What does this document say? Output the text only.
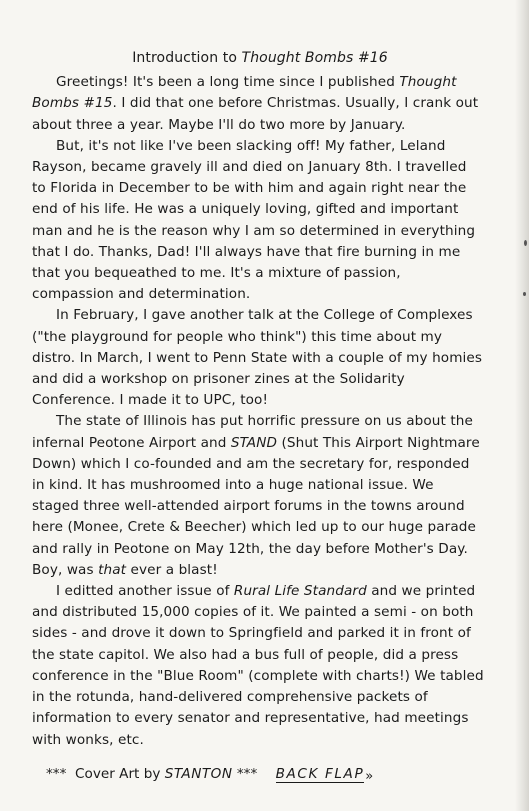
Introduction to Thought Bombs #16

Greetings! It's been a long time since I published Thought Bombs #15. I did that one before Christmas. Usually, I crank out about three a year. Maybe I'll do two more by January.

But, it's not like I've been slacking off! My father, Leland Rayson, became gravely ill and died on January 8th. I travelled to Florida in December to be with him and again right near the end of his life. He was a uniquely loving, gifted and important man and he is the reason why I am so determined in everything that I do. Thanks, Dad! I'll always have that fire burning in me that you bequeathed to me. It's a mixture of passion, compassion and determination.

In February, I gave another talk at the College of Complexes ("the playground for people who think") this time about my distro. In March, I went to Penn State with a couple of my homies and did a workshop on prisoner zines at the Solidarity Conference. I made it to UPC, too!

The state of Illinois has put horrific pressure on us about the infernal Peotone Airport and STAND (Shut This Airport Nightmare Down) which I co-founded and am the secretary for, responded in kind. It has mushroomed into a huge national issue. We staged three well-attended airport forums in the towns around here (Monee, Crete & Beecher) which led up to our huge parade and rally in Peotone on May 12th, the day before Mother's Day. Boy, was that ever a blast!

I editted another issue of Rural Life Standard and we printed and distributed 15,000 copies of it. We painted a semi - on both sides - and drove it down to Springfield and parked it in front of the state capitol. We also had a bus full of people, did a press conference in the "Blue Room" (complete with charts!) We tabled in the rotunda, hand-delivered comprehensive packets of information to every senator and representative, had meetings with wonks, etc.

*** Cover Art by STANTON *** BACK FLAP»
